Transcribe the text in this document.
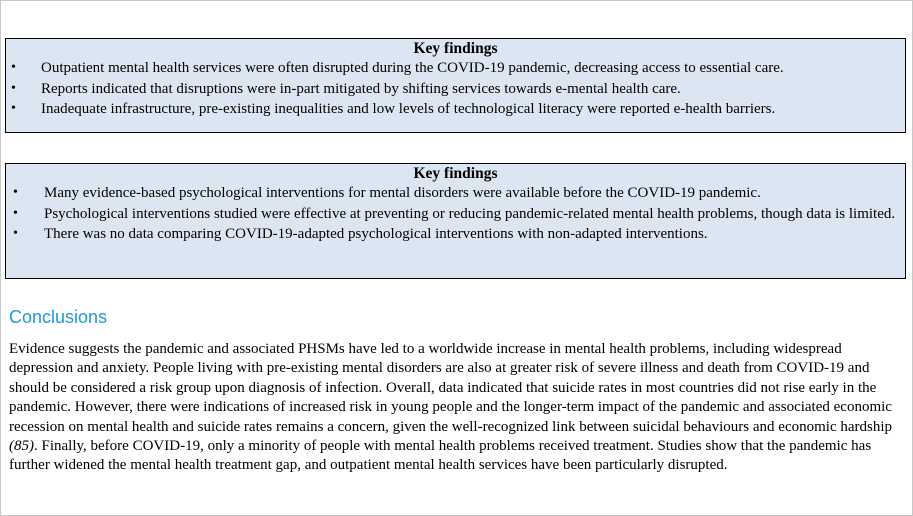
Key findings
• Outpatient mental health services were often disrupted during the COVID-19 pandemic, decreasing access to essential care.
• Reports indicated that disruptions were in-part mitigated by shifting services towards e-mental health care.
• Inadequate infrastructure, pre-existing inequalities and low levels of technological literacy were reported e-health barriers.
Key findings
• Many evidence-based psychological interventions for mental disorders were available before the COVID-19 pandemic.
• Psychological interventions studied were effective at preventing or reducing pandemic-related mental health problems, though data is limited.
• There was no data comparing COVID-19-adapted psychological interventions with non-adapted interventions.
Conclusions

Evidence suggests the pandemic and associated PHSMs have led to a worldwide increase in mental health problems, including widespread depression and anxiety. People living with pre-existing mental disorders are also at greater risk of severe illness and death from COVID-19 and should be considered a risk group upon diagnosis of infection. Overall, data indicated that suicide rates in most countries did not rise early in the pandemic. However, there were indications of increased risk in young people and the longer-term impact of the pandemic and associated economic recession on mental health and suicide rates remains a concern, given the well-recognized link between suicidal behaviours and economic hardship (85). Finally, before COVID-19, only a minority of people with mental health problems received treatment. Studies show that the pandemic has further widened the mental health treatment gap, and outpatient mental health services have been particularly disrupted.
